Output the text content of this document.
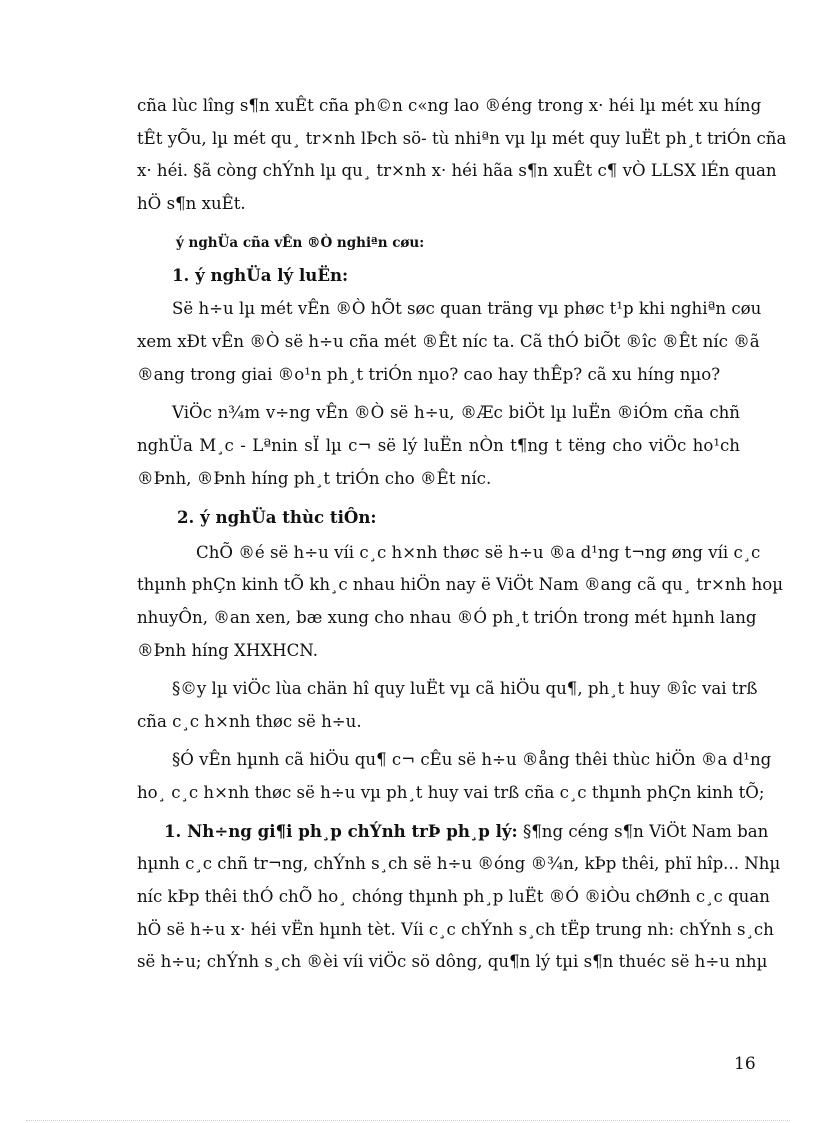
cña lùc lîng s¶n xuÊt cña ph©n c«ng lao ®éng trong x· héi lµ mét xu híng
tÊt yÕu, lµ mét qu¸ tr×nh lÞch sö- tù nhiªn vµ lµ mét quy luËt ph¸t triÓn cña
x· héi. §ã còng chÝnh lµ qu¸ tr×nh x· héi hãa s¶n xuÊt c¶ vÒ LLSX lÉn quan
hÖ s¶n xuÊt.
ý nghÜa cña vÊn ®Ò nghiªn cøu:
1. ý nghÜa lý luËn:
Së h÷u lµ mét vÊn ®Ò hÕt søc quan träng vµ phøc t¹p khi nghiªn cøu
xem xÐt vÊn ®Ò së h÷u cña mét ®Êt níc ta. Cã thÓ biÕt ®îc ®Êt níc ®ã
®ang trong giai ®o¹n ph¸t triÓn nµo? cao hay thÊp? cã xu híng nµo?
ViÖc n¾m v÷ng vÊn ®Ò së h÷u, ®Æc biÖt lµ luËn ®iÓm cña chñ
nghÜa M¸c - Lªnin sÏ lµ c¬ së lý luËn nÒn t¶ng t tëng cho viÖc ho¹ch
®Þnh, ®Þnh híng ph¸t triÓn cho ®Êt níc.
2. ý nghÜa thùc tiÔn:
ChÕ ®é së h÷u víi c¸c h×nh thøc së h÷u ®a d¹ng t¬ng øng víi c¸c
thµnh phÇn kinh tÕ kh¸c nhau hiÖn nay ë ViÖt Nam ®ang cã qu¸ tr×nh hoµ
nhuyÔn, ®an xen, bæ xung cho nhau ®Ó ph¸t triÓn trong mét hµnh lang
®Þnh híng XHXHCN.
§©y lµ viÖc lùa chän hî quy luËt vµ cã hiÖu qu¶, ph¸t huy ®îc vai trß
cña c¸c h×nh thøc së h÷u.
§Ó vÊn hµnh cã hiÖu qu¶ c¬ cÊu së h÷u ®ång thêi thùc hiÖn ®a d¹ng
ho¸ c¸c h×nh thøc së h÷u vµ ph¸t huy vai trß cña c¸c thµnh phÇn kinh tÕ;
1. Nh÷ng gi¶i ph¸p chÝnh trÞ ph¸p lý: §¶ng céng s¶n ViÖt Nam ban
hµnh c¸c chñ tr¬ng, chÝnh s¸ch së h÷u ®óng ®¾n, kÞp thêi, phï hîp... Nhµ
níc kÞp thêi thÓ chÕ ho¸ chóng thµnh ph¸p luËt ®Ó ®iÒu chØnh c¸c quan
hÖ së h÷u x· héi vËn hµnh tèt. Víi c¸c chÝnh s¸ch tËp trung nh: chÝnh s¸ch
së h÷u; chÝnh s¸ch ®èi víi viÖc sö dông, qu¶n lý tµi s¶n thuéc së h÷u nhµ
16
